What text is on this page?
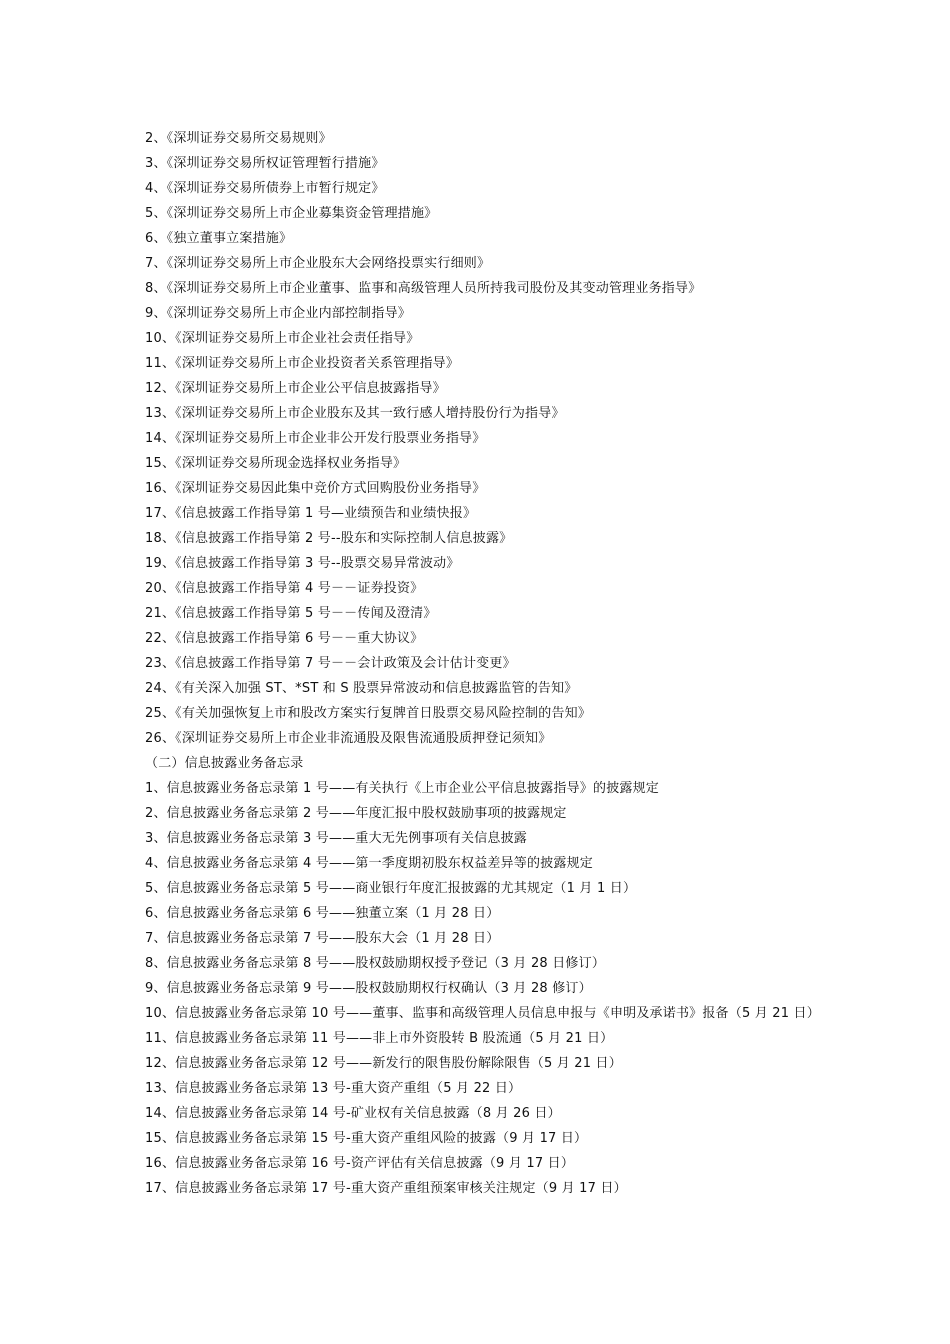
2、《深圳证券交易所交易规则》
3、《深圳证券交易所权证管理暂行措施》
4、《深圳证券交易所债券上市暂行规定》
5、《深圳证券交易所上市企业募集资金管理措施》
6、《独立董事立案措施》
7、《深圳证券交易所上市企业股东大会网络投票实行细则》
8、《深圳证券交易所上市企业董事、监事和高级管理人员所持我司股份及其变动管理业务指导》
9、《深圳证券交易所上市企业内部控制指导》
10、《深圳证券交易所上市企业社会责任指导》
11、《深圳证券交易所上市企业投资者关系管理指导》
12、《深圳证券交易所上市企业公平信息披露指导》
13、《深圳证券交易所上市企业股东及其一致行感人增持股份行为指导》
14、《深圳证券交易所上市企业非公开发行股票业务指导》
15、《深圳证券交易所现金选择权业务指导》
16、《深圳证券交易因此集中竞价方式回购股份业务指导》
17、《信息披露工作指导第 1 号—业绩预告和业绩快报》
18、《信息披露工作指导第 2 号--股东和实际控制人信息披露》
19、《信息披露工作指导第 3 号--股票交易异常波动》
20、《信息披露工作指导第 4 号－－证券投资》
21、《信息披露工作指导第 5 号－－传闻及澄清》
22、《信息披露工作指导第 6 号－－重大协议》
23、《信息披露工作指导第 7 号－－会计政策及会计估计变更》
24、《有关深入加强 ST、*ST 和 S 股票异常波动和信息披露监管的告知》
25、《有关加强恢复上市和股改方案实行复牌首日股票交易风险控制的告知》
26、《深圳证券交易所上市企业非流通股及限售流通股质押登记须知》
（二）信息披露业务备忘录
1、信息披露业务备忘录第 1 号——有关执行《上市企业公平信息披露指导》的披露规定
2、信息披露业务备忘录第 2 号——年度汇报中股权鼓励事项的披露规定
3、信息披露业务备忘录第 3 号——重大无先例事项有关信息披露
4、信息披露业务备忘录第 4 号——第一季度期初股东权益差异等的披露规定
5、信息披露业务备忘录第 5 号——商业银行年度汇报披露的尤其规定（1 月 1 日）
6、信息披露业务备忘录第 6 号——独董立案（1 月 28 日）
7、信息披露业务备忘录第 7 号——股东大会（1 月 28 日）
8、信息披露业务备忘录第 8 号——股权鼓励期权授予登记（3 月 28 日修订）
9、信息披露业务备忘录第 9 号——股权鼓励期权行权确认（3 月 28 修订）
10、信息披露业务备忘录第 10 号——董事、监事和高级管理人员信息申报与《申明及承诺书》报备（5 月 21 日）
11、信息披露业务备忘录第 11 号——非上市外资股转 B 股流通（5 月 21 日）
12、信息披露业务备忘录第 12 号——新发行的限售股份解除限售（5 月 21 日）
13、信息披露业务备忘录第 13 号-重大资产重组（5 月 22 日）
14、信息披露业务备忘录第 14 号-矿业权有关信息披露（8 月 26 日）
15、信息披露业务备忘录第 15 号-重大资产重组风险的披露（9 月 17 日）
16、信息披露业务备忘录第 16 号-资产评估有关信息披露（9 月 17 日）
17、信息披露业务备忘录第 17 号-重大资产重组预案审核关注规定（9 月 17 日）
